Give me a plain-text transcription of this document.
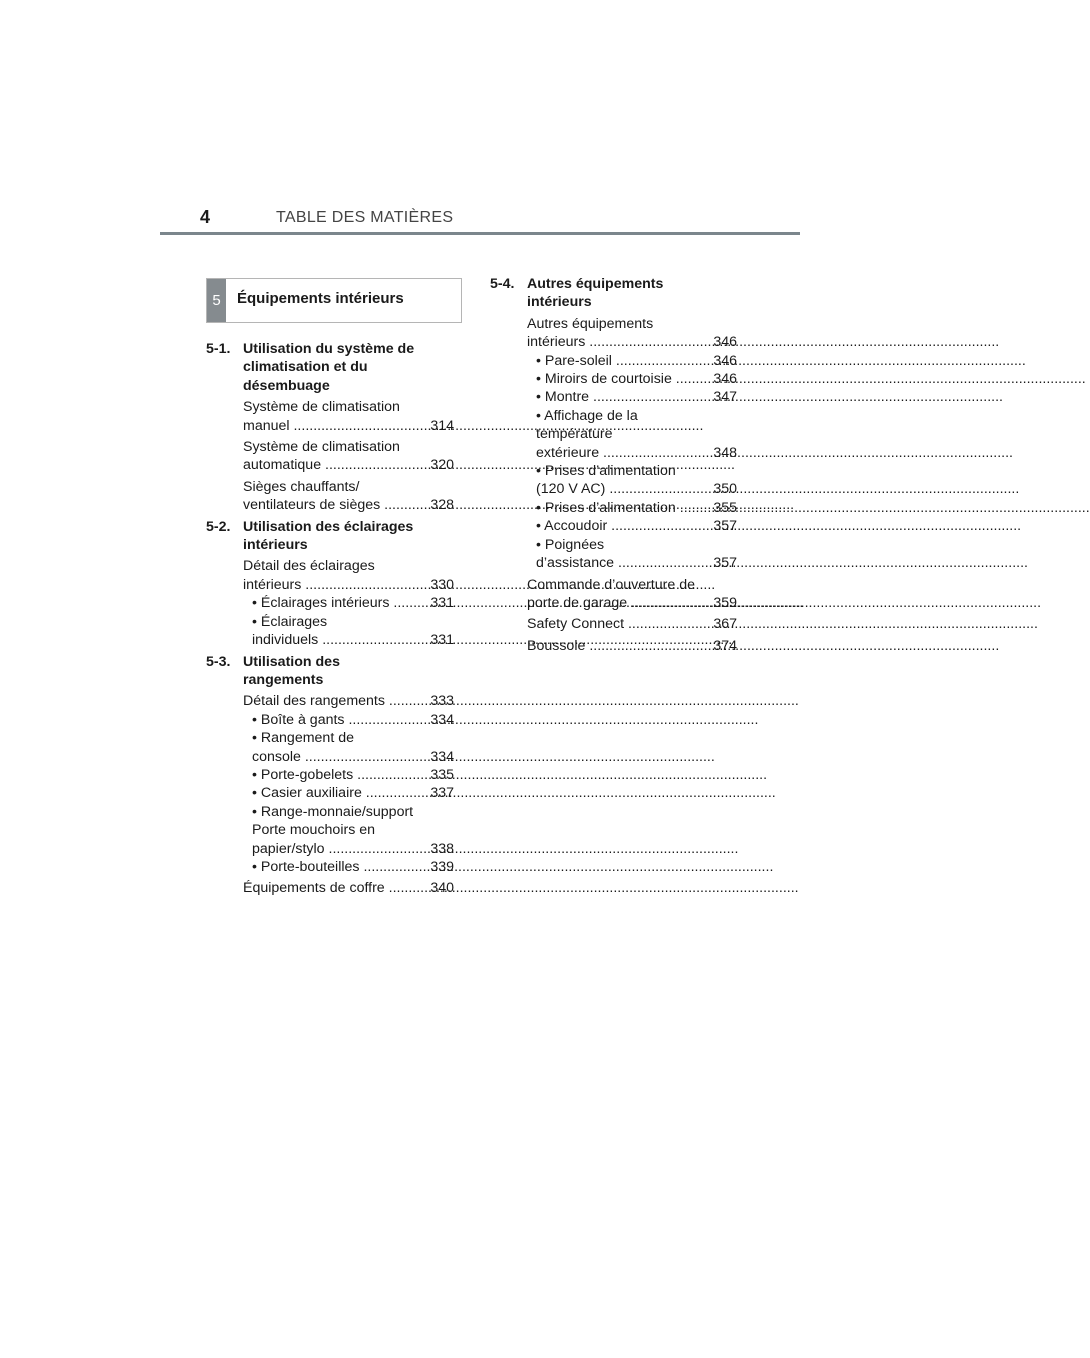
4	TABLE DES MATIÈRES
5	Équipements intérieurs
5-1. Utilisation du système de
climatisation et du
désembuage
Système de climatisation
manuel .....	314
Système de climatisation
automatique .....	320
Sièges chauffants/
ventilateurs de sièges .....	328
5-2. Utilisation des éclairages
intérieurs
Détail des éclairages
intérieurs .....	330
• Éclairages intérieurs .....	331
• Éclairages
individuels .....	331
5-3. Utilisation des
rangements
Détail des rangements .....	333
• Boîte à gants .....	334
• Rangement de
console .....	334
• Porte-gobelets .....	335
• Casier auxiliaire .....	337
• Range-monnaie/support
Porte mouchoirs en
papier/stylo .....	338
• Porte-bouteilles .....	339
Équipements de coffre .....	340
5-4. Autres équipements
intérieurs
Autres équipements
intérieurs .....	346
• Pare-soleil .....	346
• Miroirs de courtoisie .....	346
• Montre .....	347
• Affichage de la
température
extérieure .....	348
• Prises d’alimentation
(120 V AC) .....	350
• Prises d’alimentation .....	355
• Accoudoir .....	357
• Poignées
d’assistance .....	357
Commande d’ouverture de
porte de garage .....	359
Safety Connect .....	367
Boussole .....	374
